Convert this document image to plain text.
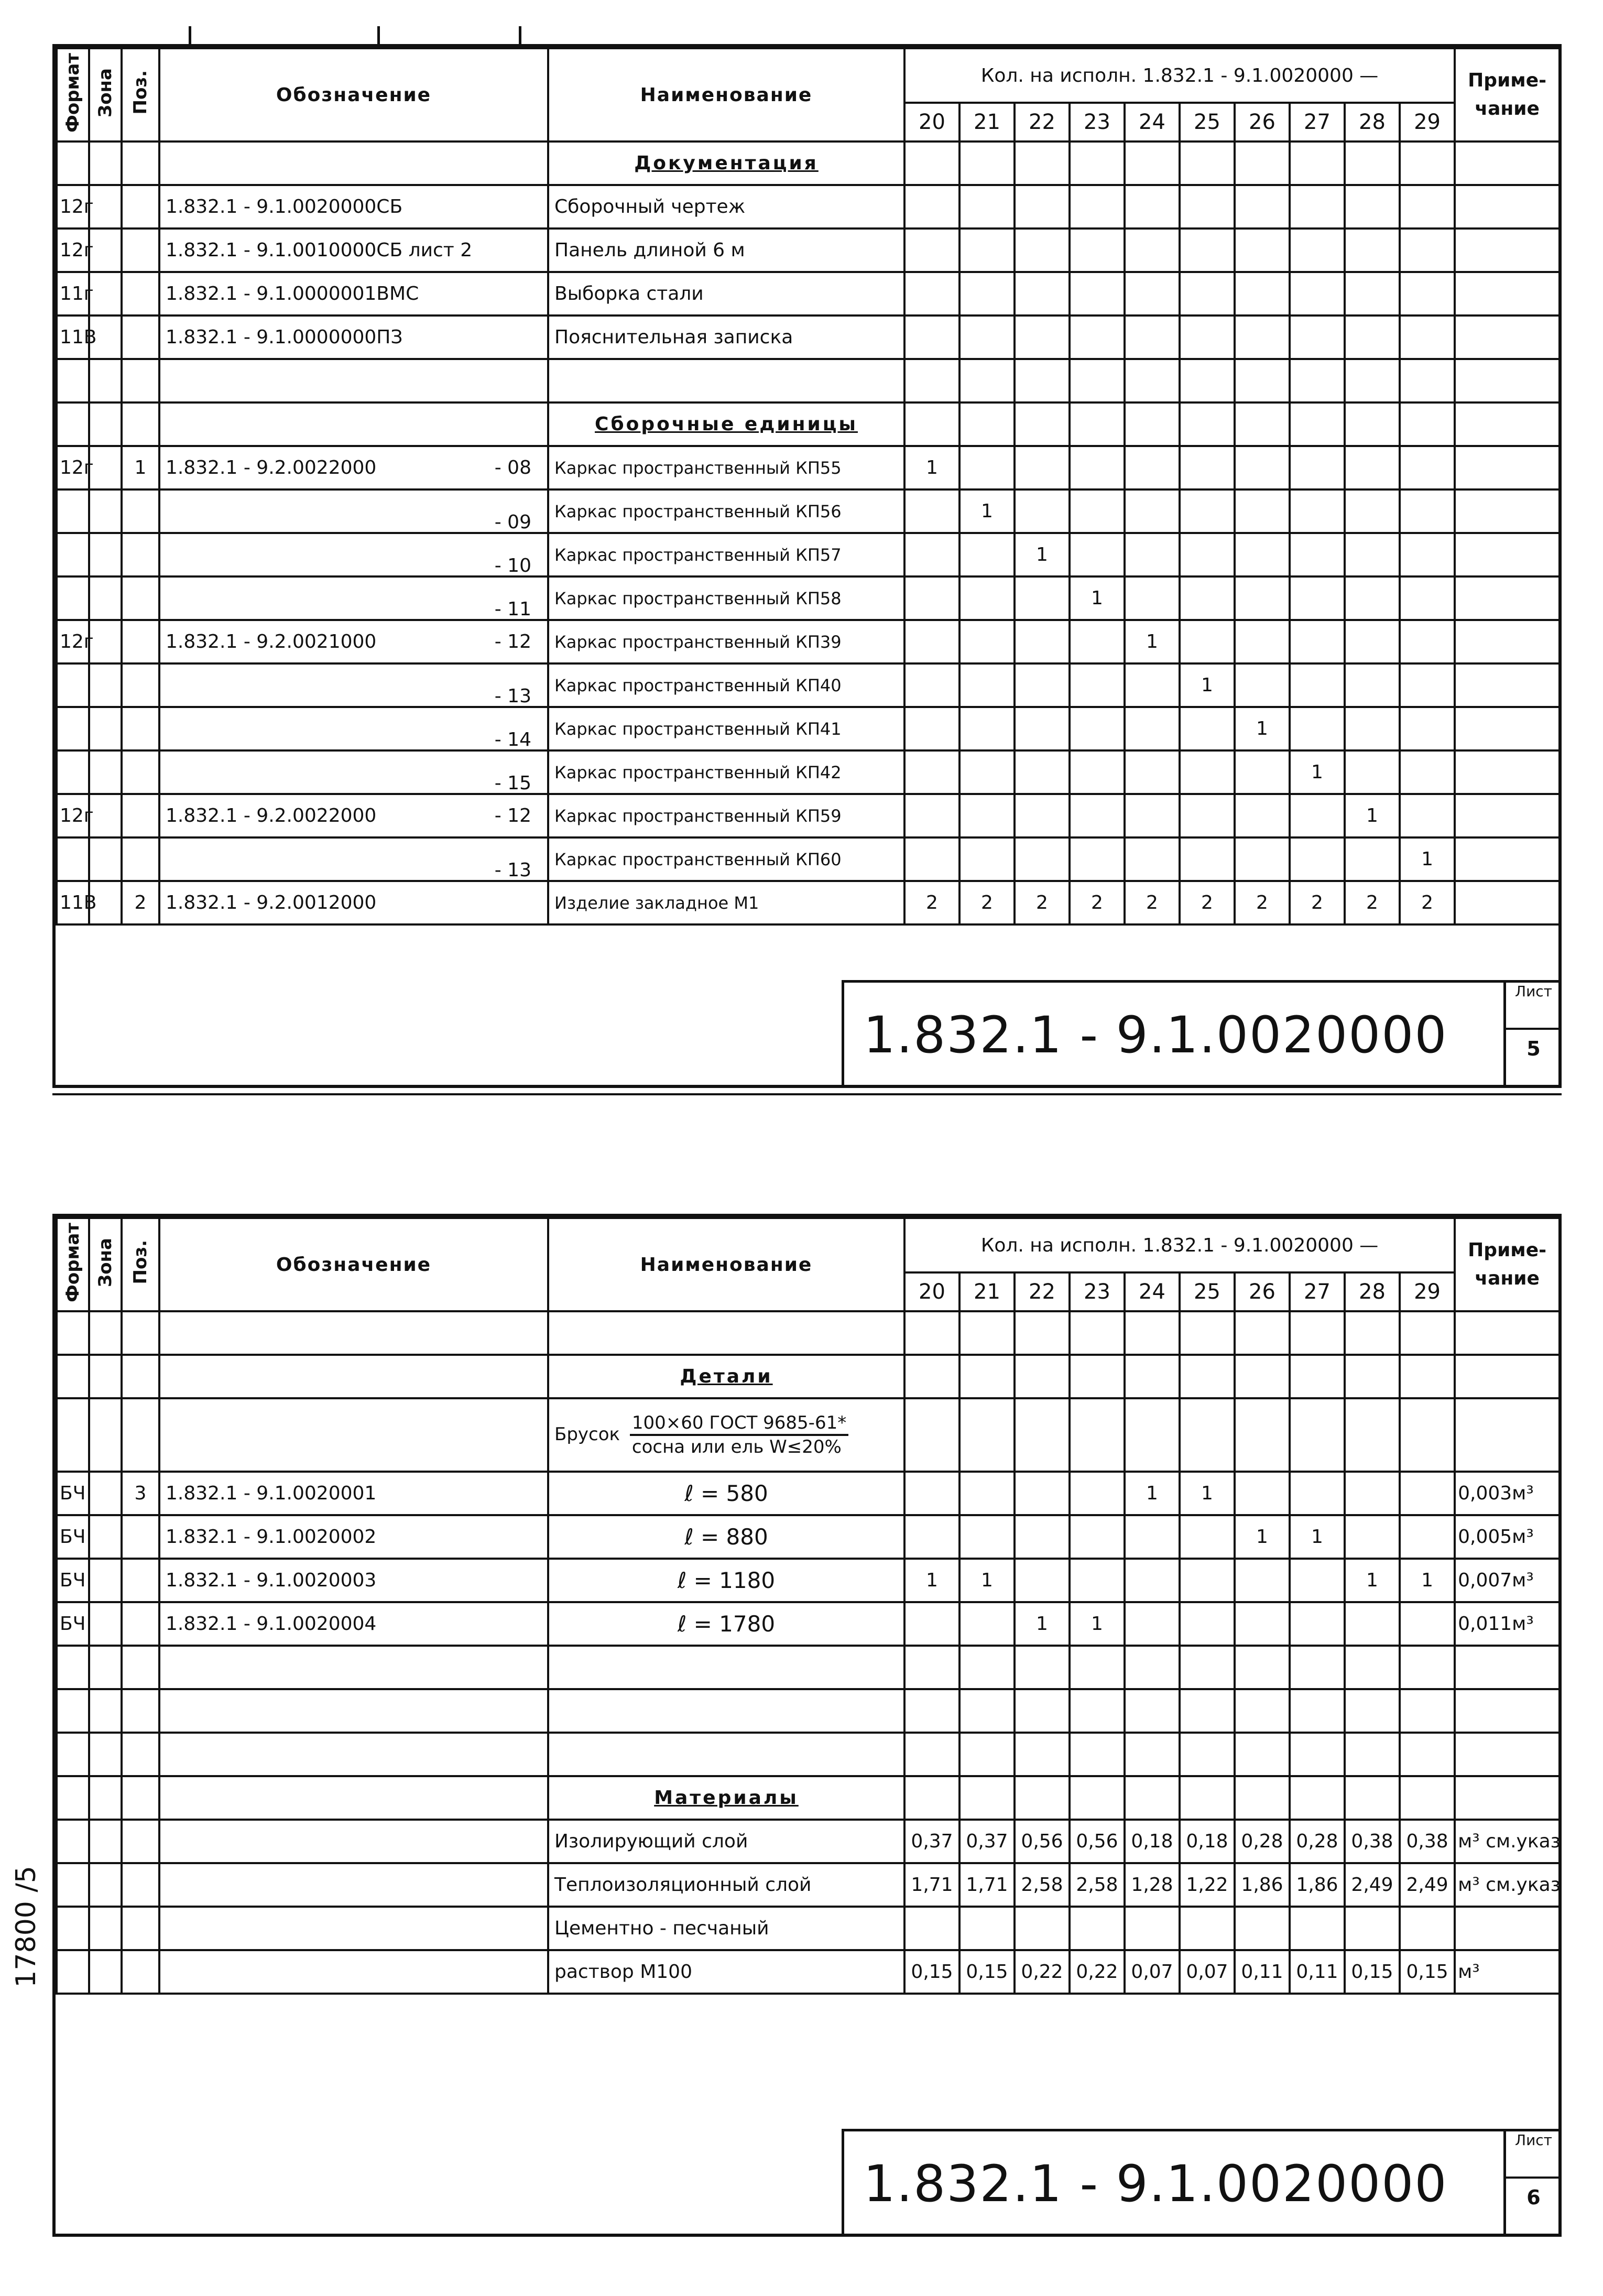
Формат	Зона	Поз.	Обозначение	Наименование	Кол. на исполн. 1.832.1 - 9.1.0020000 —										Приме- чание
					20	21	22	23	24	25	26	27	28	29	
				Документация											
12г			1.832.1 - 9.1.0020000СБ	Сборочный чертеж											
12г			1.832.1 - 9.1.0010000СБ лист 2	Панель длиной 6 м											
11г			1.832.1 - 9.1.0000001ВМС	Выборка стали											
11В			1.832.1 - 9.1.0000000ПЗ	Пояснительная записка											

				Сборочные единицы											
12г		1	1.832.1 - 9.2.0022000 - 08	Каркас пространственный КП55	1										

			- 09	Каркас пространственный КП56		1									

			- 10	Каркас пространственный КП57			1								

			- 11	Каркас пространственный КП58				1							
12г			1.832.1 - 9.2.0021000 - 12	Каркас пространственный КП39					1						

			- 13	Каркас пространственный КП40						1					

			- 14	Каркас пространственный КП41							1				

			- 15	Каркас пространственный КП42								1			
12г			1.832.1 - 9.2.0022000 - 12	Каркас пространственный КП59									1		

			- 13	Каркас пространственный КП60										1	
11В		2	1.832.1 - 9.2.0012000	Изделие закладное М1	2	2	2	2	2	2	2	2	2	2	
1.832.1 - 9.1.0020000
Лист
5
Формат	Зона	Поз.	Обозначение	Наименование	Кол. на исполн. 1.832.1 - 9.1.0020000 —										Приме- чание
					20	21	22	23	24	25	26	27	28	29	

				Детали											
				Брусок $\frac{\text{100×60 ГОСТ 9685-61*}}{\text{сосна или ель W≤20\%}}$

БЧ		3	1.832.1 - 9.1.0020001	ℓ = 580					1	1					0,003м³
БЧ			1.832.1 - 9.1.0020002	ℓ = 880							1	1			0,005м³
БЧ			1.832.1 - 9.1.0020003	ℓ = 1180	1	1							1	1	0,007м³
БЧ			1.832.1 - 9.1.0020004	ℓ = 1780			1	1							0,011м³

				Материалы											
				Изолирующий слой	0,37	0,37	0,56	0,56	0,18	0,18	0,28	0,28	0,38	0,38	м³ см.указ
				Теплоизоляционный слой	1,71	1,71	2,58	2,58	1,28	1,22	1,86	1,86	2,49	2,49	м³ см.указ
				Цементно - песчаный											
				раствор М100	0,15	0,15	0,22	0,22	0,07	0,07	0,11	0,11	0,15	0,15	м³
1.832.1 - 9.1.0020000
Лист
6
17800 /5
